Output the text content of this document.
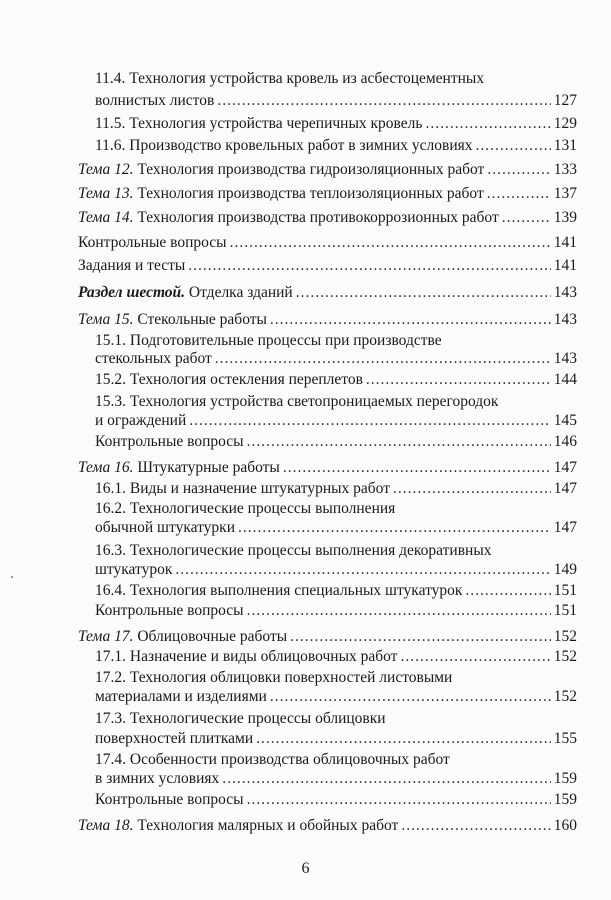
11.4. Технология устройства кровель из асбестоцементных
волнистых листов .....	127
11.5. Технология устройства черепичных кровель .....	129
11.6. Производство кровельных работ в зимних условиях .....	131
Тема 12. Технология производства гидроизоляционных работ .....	133
Тема 13. Технология производства теплоизоляционных работ .....	137
Тема 14. Технология производства противокоррозионных работ .....	139
Контрольные вопросы .....	141
Задания и тесты .....	141
Раздел шестой. Отделка зданий .....	143
Тема 15. Стекольные работы .....	143
15.1. Подготовительные процессы при производстве
стекольных работ .....	143
15.2. Технология остекления переплетов .....	144
15.3. Технология устройства светопроницаемых перегородок
и ограждений .....	145
Контрольные вопросы .....	146
Тема 16. Штукатурные работы .....	147
16.1. Виды и назначение штукатурных работ .....	147
16.2. Технологические процессы выполнения
обычной штукатурки .....	147
16.3. Технологические процессы выполнения декоративных
штукатурок .....	149
16.4. Технология выполнения специальных штукатурок .....	151
Контрольные вопросы .....	151
Тема 17. Облицовочные работы .....	152
17.1. Назначение и виды облицовочных работ .....	152
17.2. Технология облицовки поверхностей листовыми
материалами и изделиями .....	152
17.3. Технологические процессы облицовки
поверхностей плитками .....	155
17.4. Особенности производства облицовочных работ
в зимних условиях .....	159
Контрольные вопросы .....	159
Тема 18. Технология малярных и обойных работ .....	160
6
